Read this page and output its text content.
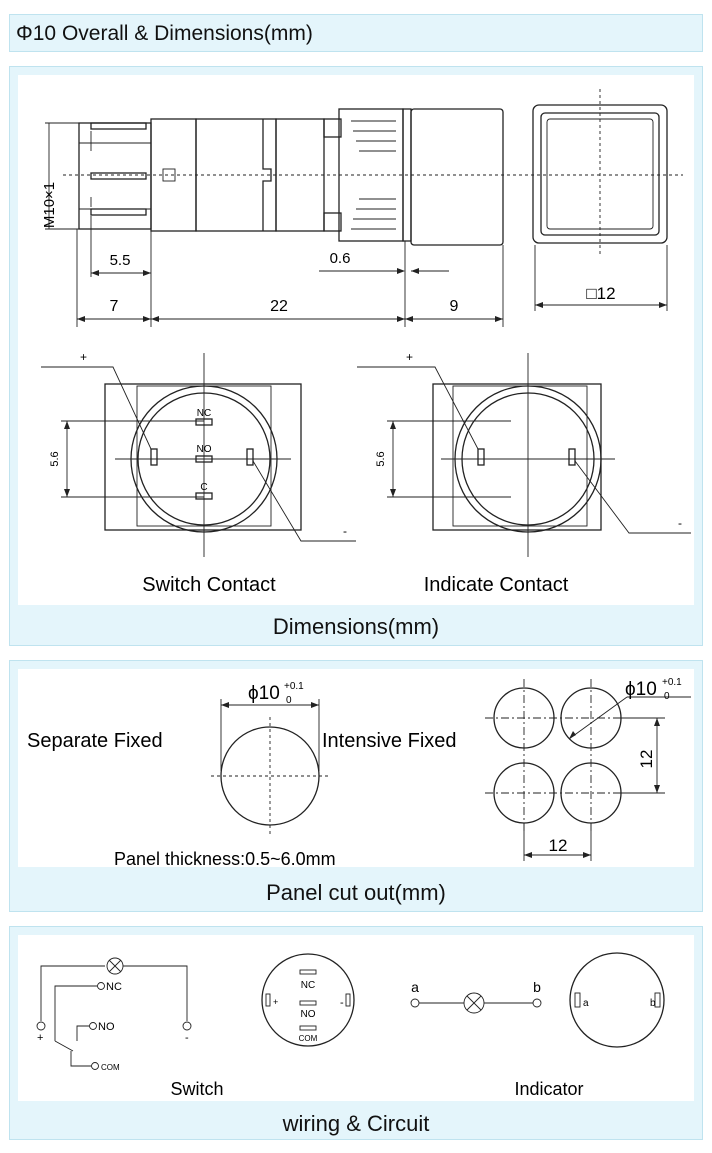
Φ10 Overall & Dimensions(mm)
M10×1
5.5	0.6
7	22	9
□12
+
-
NC
NO
C
5.6
Switch Contact
+
-
5.6
Indicate Contact
Dimensions(mm)
Separate Fixed	Intensive Fixed
ϕ10 +0.1
0
ϕ10 +0.1
0
12
12
Panel thickness:0.5~6.0mm
Panel cut out(mm)
NC
NO
COM
+	-
Switch
NC
NO
COM
+	-
a	b
a	b
Indicator
wiring & Circuit
